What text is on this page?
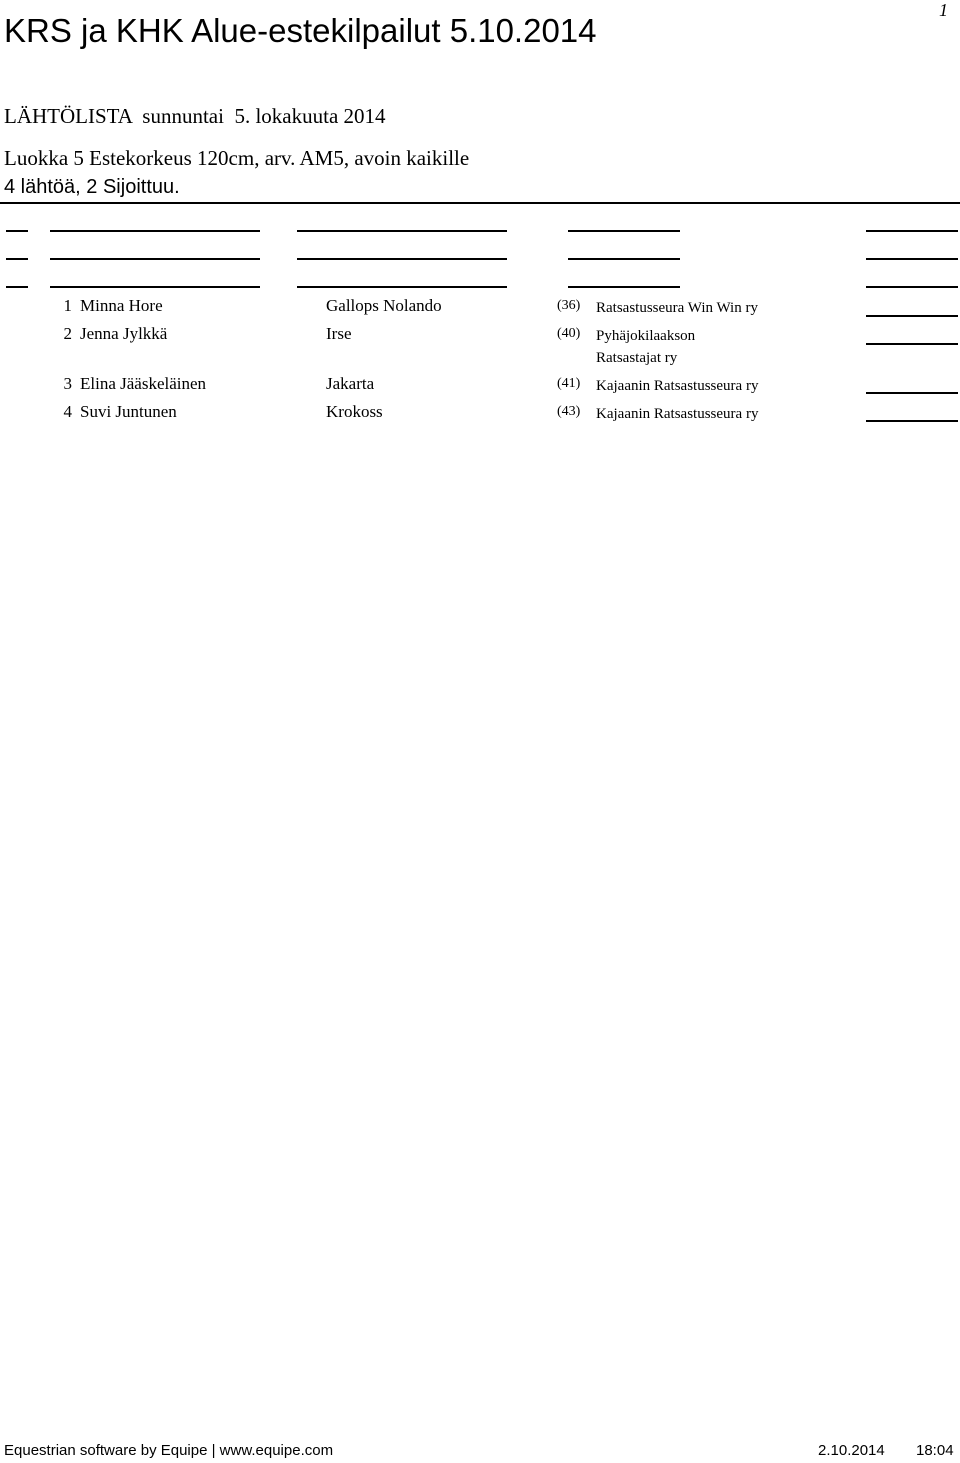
1
KRS ja KHK Alue-estekilpailut 5.10.2014
LÄHTÖLISTA  sunnuntai  5. lokakuuta 2014
Luokka 5 Estekorkeus 120cm, arv. AM5, avoin kaikille
4 lähtöä, 2 Sijoittuu.
1 Minna Hore	Gallops Nolando	(36) Ratsastusseura Win Win ry
2 Jenna Jylkkä	Irse	(40) Pyhäjokilaakson
Ratsastajat ry
3 Elina Jääskeläinen	Jakarta	(41) Kajaanin Ratsastusseura ry
4 Suvi Juntunen	Krokoss	(43) Kajaanin Ratsastusseura ry
Equestrian software by Equipe | www.equipe.com	2.10.2014 18:04
